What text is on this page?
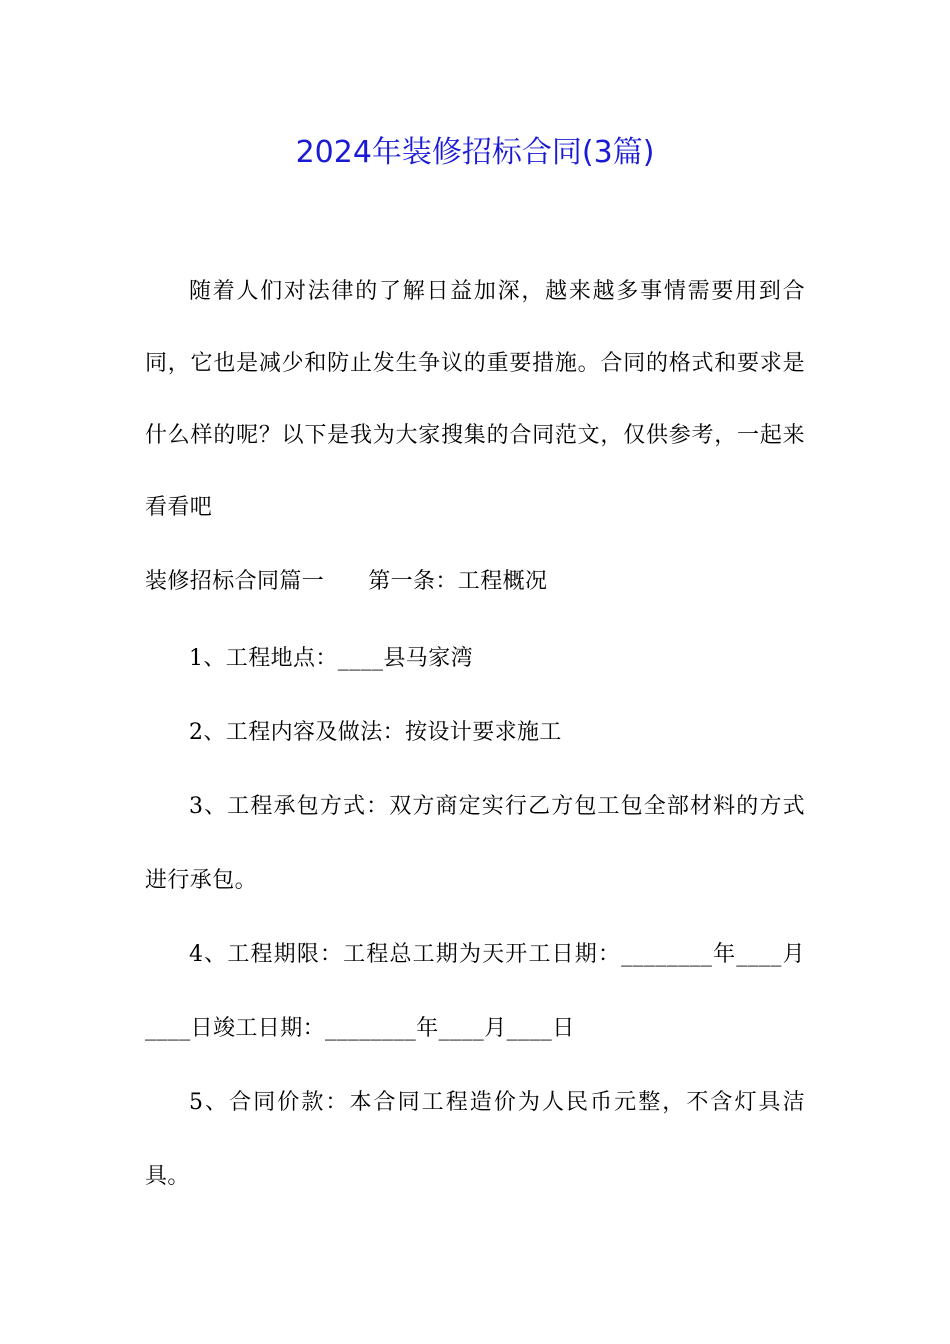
2024年装修招标合同(3篇)

随着人们对法律的了解日益加深，越来越多事情需要用到合同，它也是减少和防止发生争议的重要措施。合同的格式和要求是什么样的呢？以下是我为大家搜集的合同范文，仅供参考，一起来看看吧

装修招标合同篇一 第一条：工程概况

1、工程地点：____县马家湾

2、工程内容及做法：按设计要求施工

3、工程承包方式：双方商定实行乙方包工包全部材料的方式进行承包。

4、工程期限：工程总工期为天开工日期：________年____月____日竣工日期：________年____月____日

5、合同价款：本合同工程造价为人民币元整，不含灯具洁具。
